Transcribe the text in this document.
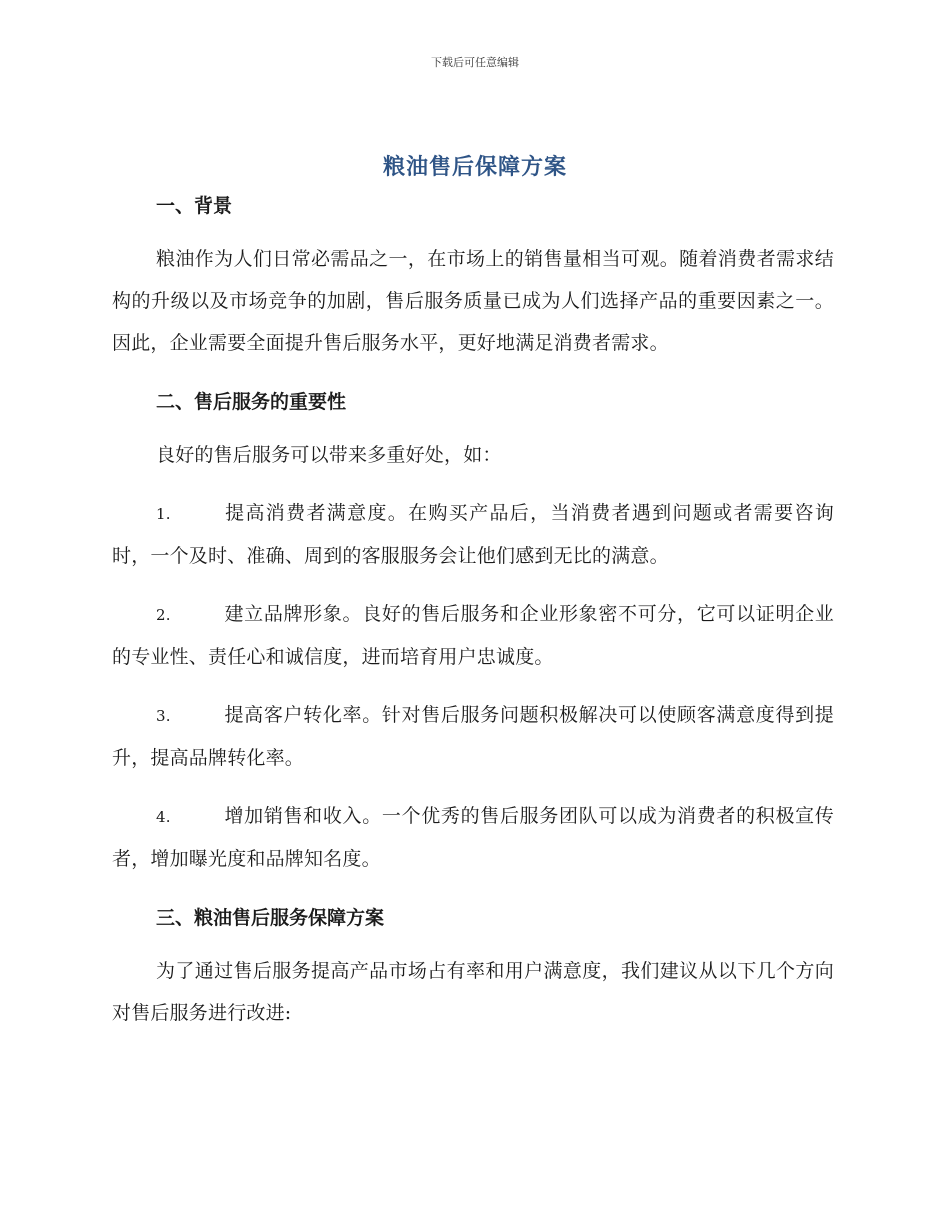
下载后可任意编辑
粮油售后保障方案

一、背景

粮油作为人们日常必需品之一，在市场上的销售量相当可观。随着消费者需求结构的升级以及市场竞争的加剧，售后服务质量已成为人们选择产品的重要因素之一。因此，企业需要全面提升售后服务水平，更好地满足消费者需求。

二、售后服务的重要性

良好的售后服务可以带来多重好处，如：

1.	提高消费者满意度。在购买产品后，当消费者遇到问题或者需要咨询时，一个及时、准确、周到的客服服务会让他们感到无比的满意。

2.	建立品牌形象。良好的售后服务和企业形象密不可分，它可以证明企业的专业性、责任心和诚信度，进而培育用户忠诚度。

3.	提高客户转化率。针对售后服务问题积极解决可以使顾客满意度得到提升，提高品牌转化率。

4.	增加销售和收入。一个优秀的售后服务团队可以成为消费者的积极宣传者，增加曝光度和品牌知名度。

三、粮油售后服务保障方案

为了通过售后服务提高产品市场占有率和用户满意度，我们建议从以下几个方向对售后服务进行改进:
